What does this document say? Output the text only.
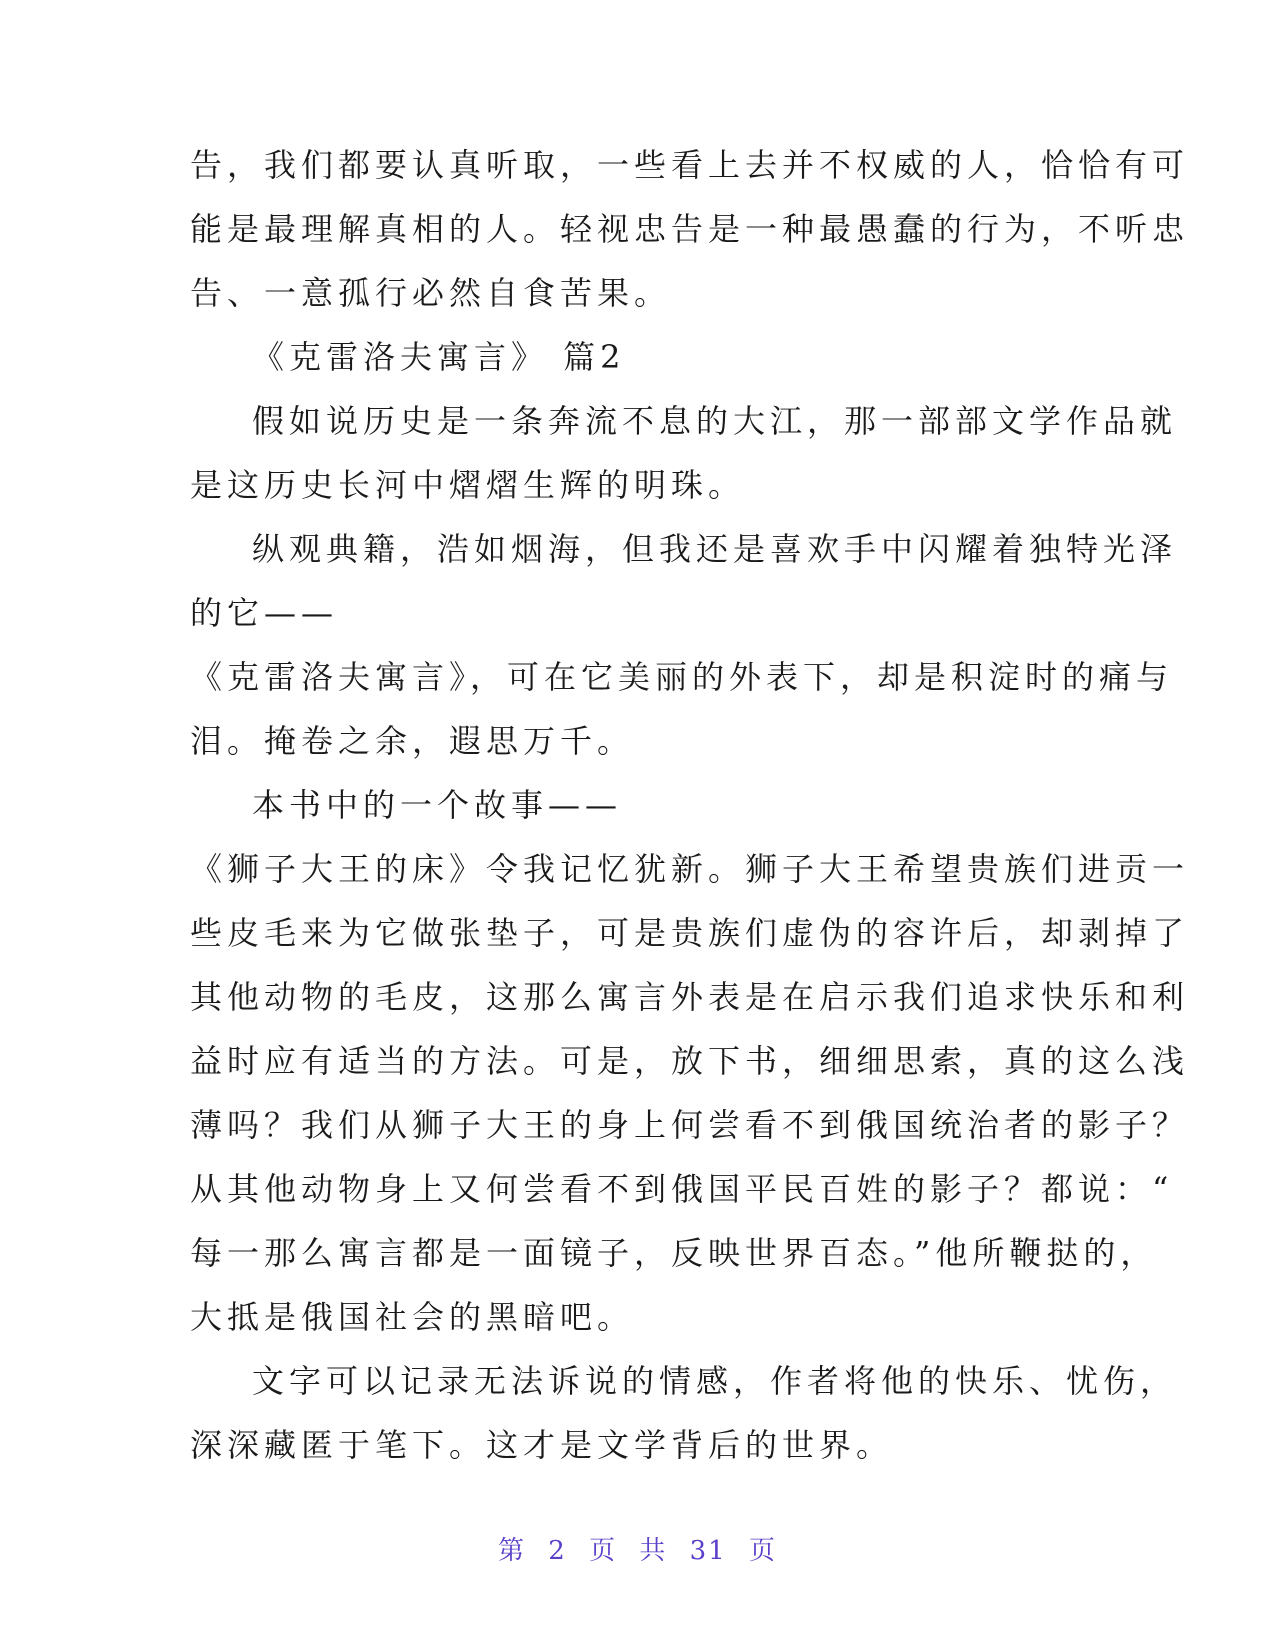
告，我们都要认真听取，一些看上去并不权威的人，恰恰有可
能是最理解真相的人。轻视忠告是一种最愚蠢的行为，不听忠
告、一意孤行必然自食苦果。
《克雷洛夫寓言》 篇2
假如说历史是一条奔流不息的大江，那一部部文学作品就
是这历史长河中熠熠生辉的明珠。
纵观典籍，浩如烟海，但我还是喜欢手中闪耀着独特光泽
的它——
《克雷洛夫寓言》，可在它美丽的外表下，却是积淀时的痛与
泪。掩卷之余，遐思万千。
本书中的一个故事——
《狮子大王的床》令我记忆犹新。狮子大王希望贵族们进贡一
些皮毛来为它做张垫子，可是贵族们虚伪的容许后，却剥掉了
其他动物的毛皮，这那么寓言外表是在启示我们追求快乐和利
益时应有适当的方法。可是，放下书，细细思索，真的这么浅
薄吗？我们从狮子大王的身上何尝看不到俄国统治者的影子？
从其他动物身上又何尝看不到俄国平民百姓的影子？都说：“
每一那么寓言都是一面镜子，反映世界百态。”他所鞭挞的，
大抵是俄国社会的黑暗吧。
文字可以记录无法诉说的情感，作者将他的快乐、忧伤，
深深藏匿于笔下。这才是文学背后的世界。
第 2 页 共 31 页
